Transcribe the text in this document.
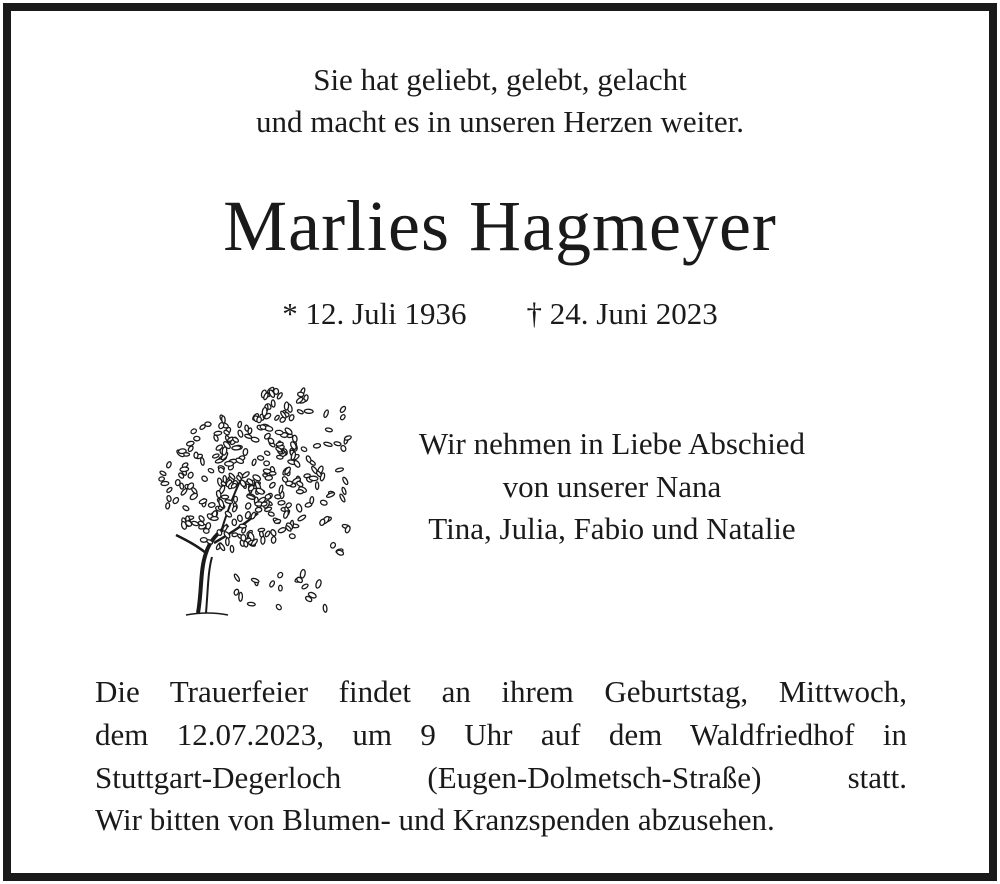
Sie hat geliebt, gelebt, gelacht
und macht es in unseren Herzen weiter.
Marlies Hagmeyer
* 12. Juli 1936 † 24. Juni 2023
Wir nehmen in Liebe Abschied
von unserer Nana
Tina, Julia, Fabio und Natalie
Die Trauerfeier findet an ihrem Geburtstag, Mittwoch,
dem 12.07.2023, um 9 Uhr auf dem Waldfriedhof in
Stuttgart-Degerloch (Eugen-Dolmetsch-Straße) statt.
Wir bitten von Blumen- und Kranzspenden abzusehen.
